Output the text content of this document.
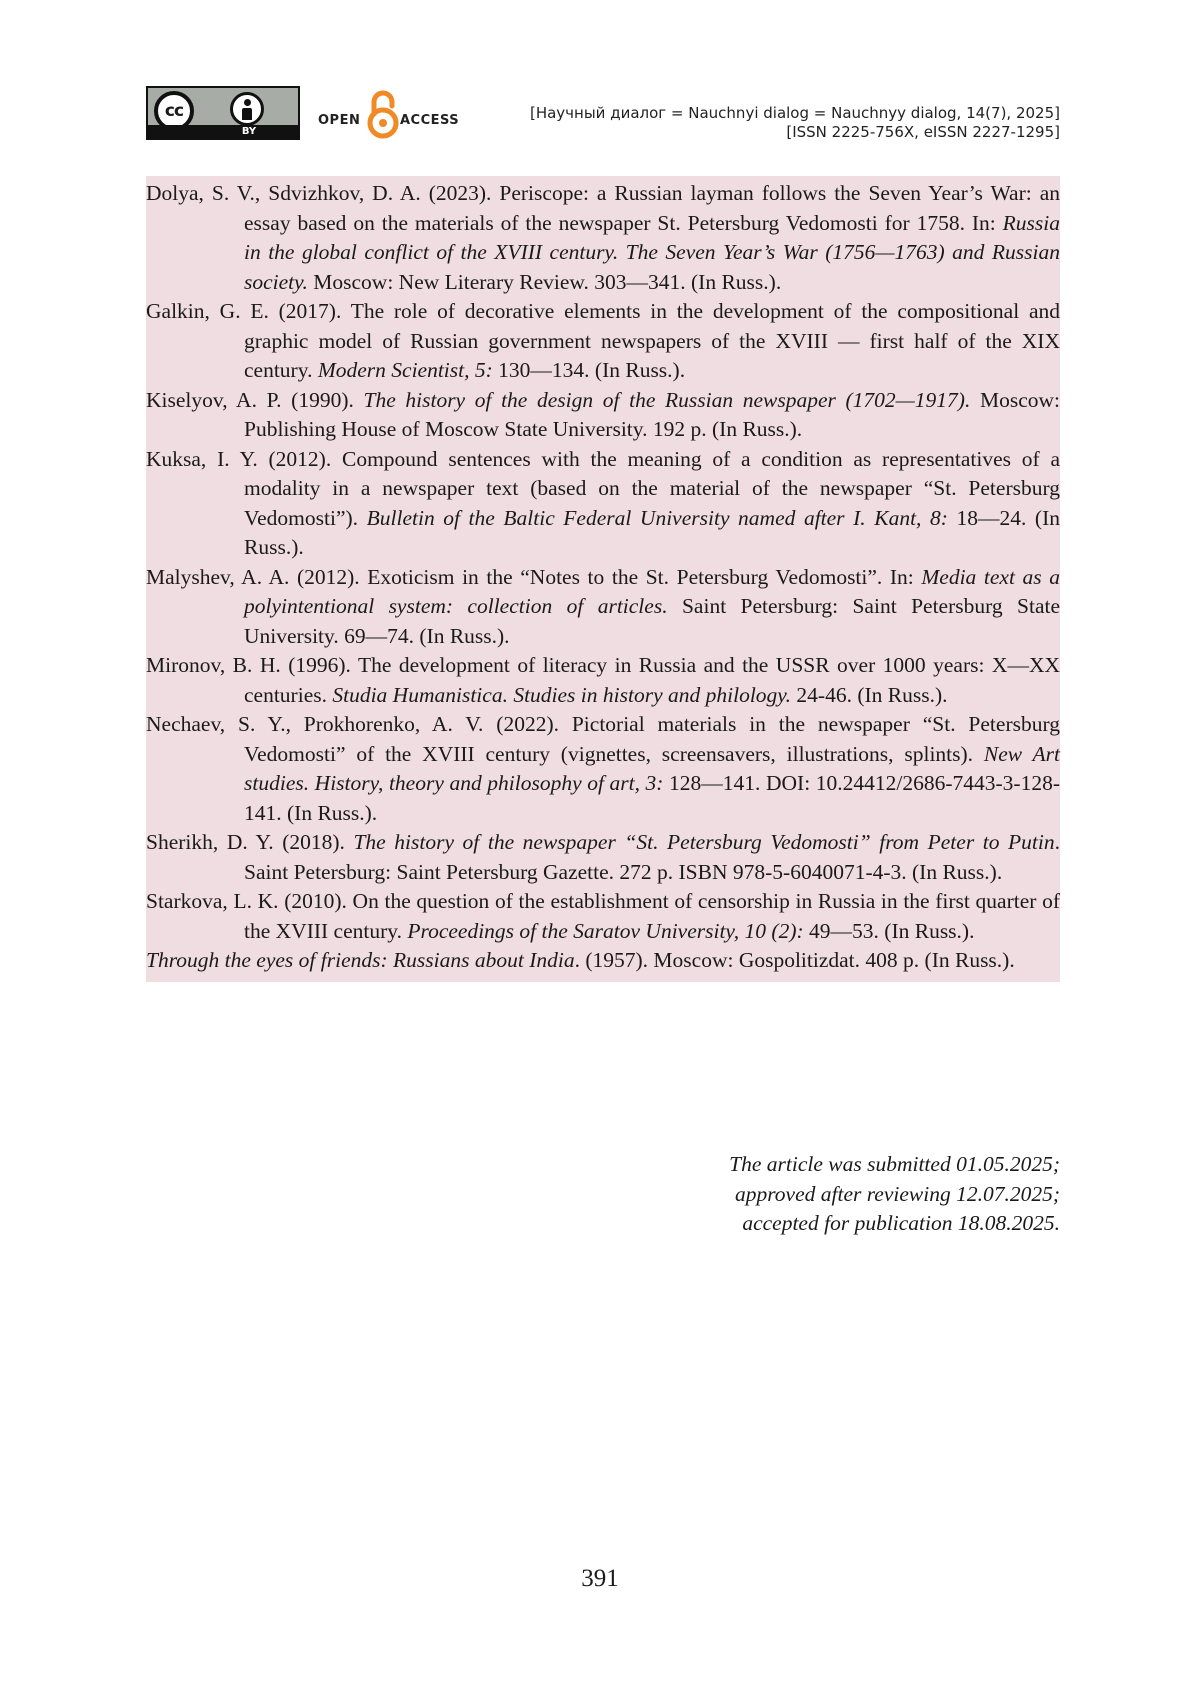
cc
BY
OPEN	ACCESS	[Научный диалог = Nauchnyi dialog = Nauchnyy dialog, 14(7), 2025]
[ISSN 2225-756X, eISSN 2227-1295]

Dolya, S. V., Sdvizhkov, D. A. (2023). Periscope: a Russian layman follows the Seven Year’s War: an essay based on the materials of the newspaper St. Petersburg Vedomosti for 1758. In: Russia in the global conflict of the XVIII century. The Seven Year’s War (1756—1763) and Russian society. Moscow: New Literary Review. 303—341. (In Russ.).

Galkin, G. E. (2017). The role of decorative elements in the development of the compositional and graphic model of Russian government newspapers of the XVIII — first half of the XIX century. Modern Scientist, 5: 130—134. (In Russ.).

Kiselyov, A. P. (1990). The history of the design of the Russian newspaper (1702—1917). Moscow: Publishing House of Moscow State University. 192 p. (In Russ.).

Kuksa, I. Y. (2012). Compound sentences with the meaning of a condition as representatives of a modality in a newspaper text (based on the material of the newspaper “St. Petersburg Vedomosti”). Bulletin of the Baltic Federal University named after I. Kant, 8: 18—24. (In Russ.).

Malyshev, A. A. (2012). Exoticism in the “Notes to the St. Petersburg Vedomosti”. In: Media text as a polyintentional system: collection of articles. Saint Petersburg: Saint Petersburg State University. 69—74. (In Russ.).

Mironov, B. H. (1996). The development of literacy in Russia and the USSR over 1000 years: X—XX centuries. Studia Humanistica. Studies in history and philology. 24-46. (In Russ.).

Nechaev, S. Y., Prokhorenko, A. V. (2022). Pictorial materials in the newspaper “St. Petersburg Vedomosti” of the XVIII century (vignettes, screensavers, illustrations, splints). New Art studies. History, theory and philosophy of art, 3: 128—141. DOI: 10.24412/2686-7443-3-128-141. (In Russ.).

Sherikh, D. Y. (2018). The history of the newspaper “St. Petersburg Vedomosti” from Peter to Putin. Saint Petersburg: Saint Petersburg Gazette. 272 p. ISBN 978-5-6040071-4-3. (In Russ.).

Starkova, L. K. (2010). On the question of the establishment of censorship in Russia in the first quarter of the XVIII century. Proceedings of the Saratov University, 10 (2): 49—53. (In Russ.).

Through the eyes of friends: Russians about India. (1957). Moscow: Gospolitizdat. 408 p. (In Russ.).

The article was submitted 01.05.2025;
approved after reviewing 12.07.2025;
accepted for publication 18.08.2025.
391
